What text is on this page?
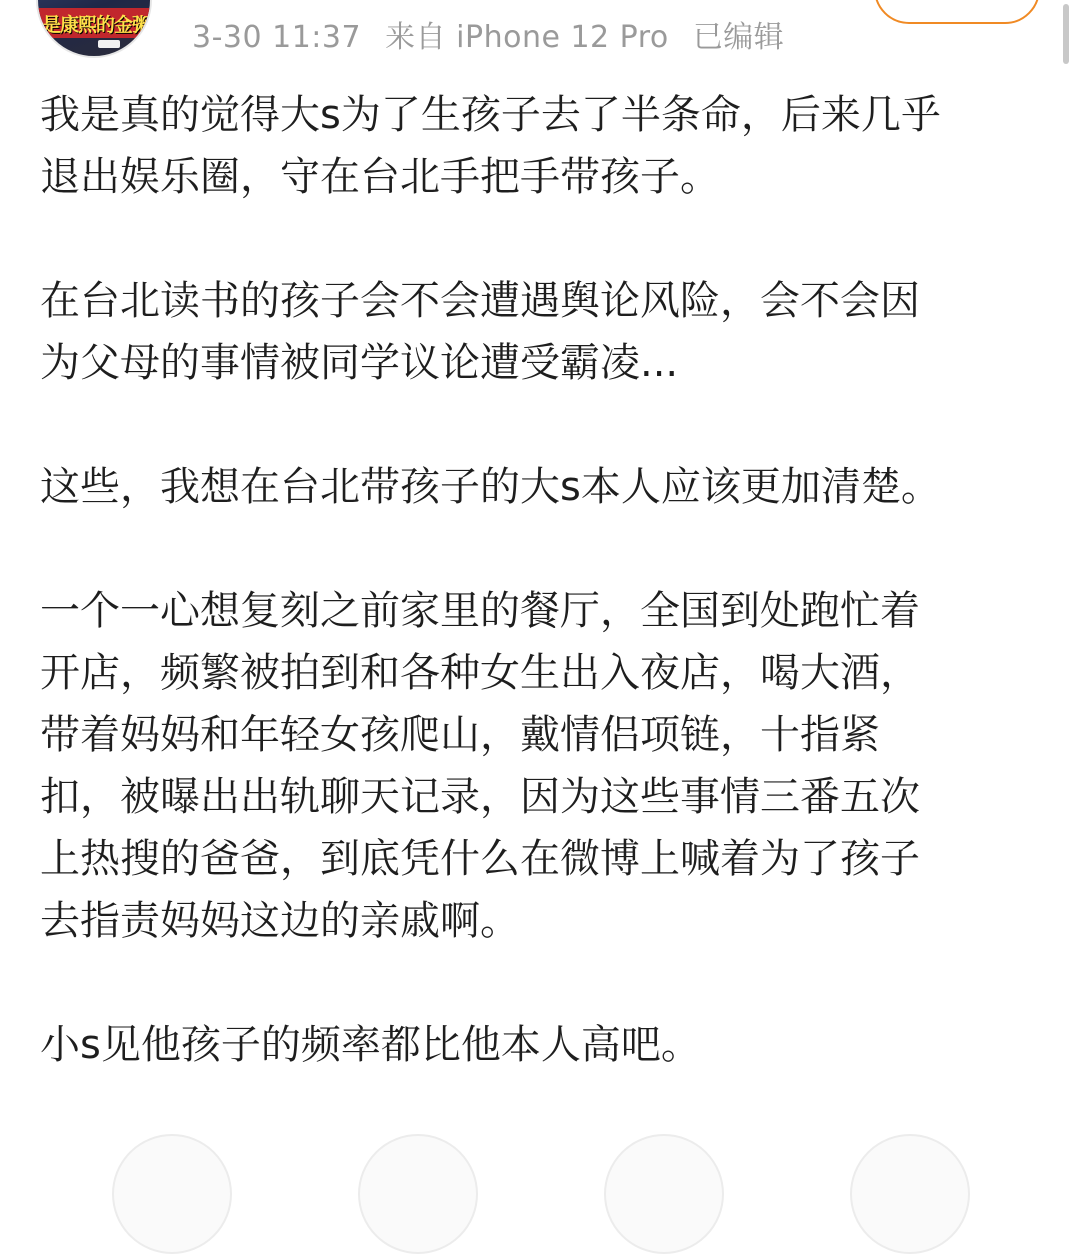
是康熙的金粥 3-30 11:37 来自 iPhone 12 Pro 已编辑

我是真的觉得大s为了生孩子去了半条命，后来几乎
退出娱乐圈，守在台北手把手带孩子。

在台北读书的孩子会不会遭遇舆论风险，会不会因
为父母的事情被同学议论遭受霸凌...

这些，我想在台北带孩子的大s本人应该更加清楚。

一个一心想复刻之前家里的餐厅，全国到处跑忙着
开店，频繁被拍到和各种女生出入夜店，喝大酒，
带着妈妈和年轻女孩爬山，戴情侣项链，十指紧
扣，被曝出出轨聊天记录，因为这些事情三番五次
上热搜的爸爸，到底凭什么在微博上喊着为了孩子
去指责妈妈这边的亲戚啊。

小s见他孩子的频率都比他本人高吧。
